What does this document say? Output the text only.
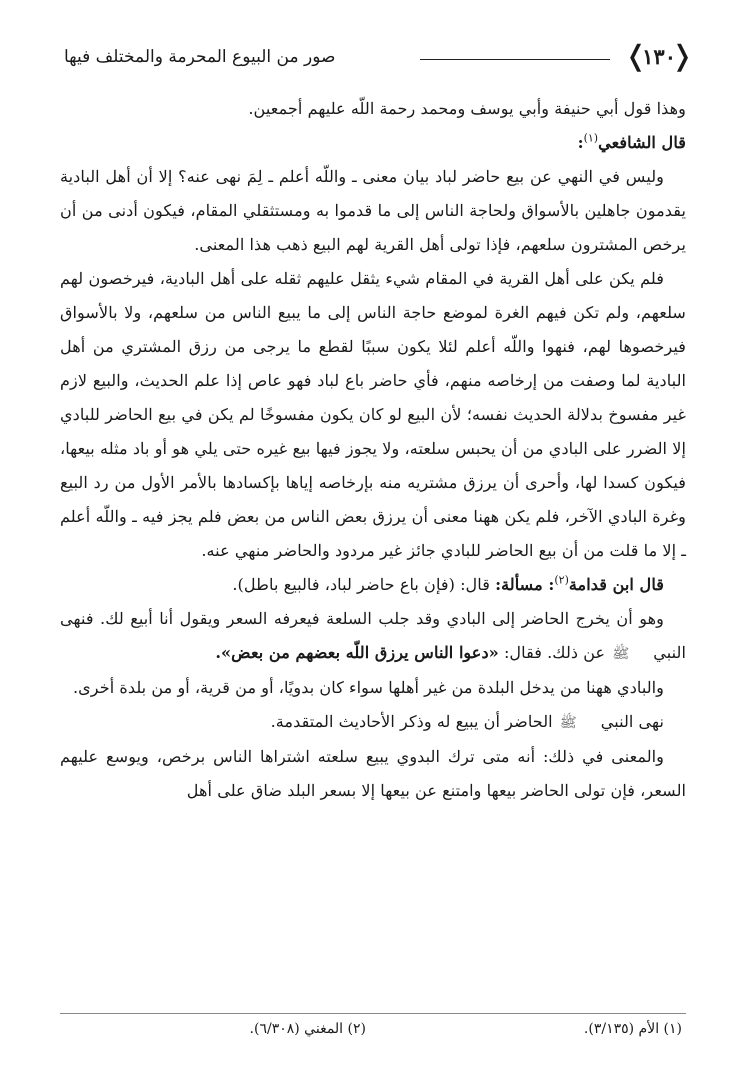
❬ ١٣٠ ❭
صور من البيوع المحرمة والمختلف فيها

وهذا قول أبي حنيفة وأبي يوسف ومحمد رحمة اللّه عليهم أجمعين.

قال الشافعي$^{(١)}$:

وليس في النهي عن بيع حاضر لباد بيان معنى ـ واللّه أعلم ـ لِمَ نهى عنه؟ إلا أن أهل البادية يقدمون جاهلين بالأسواق ولحاجة الناس إلى ما قدموا به ومستثقلي المقام، فيكون أدنى من أن يرخص المشترون سلعهم، فإذا تولى أهل القرية لهم البيع ذهب هذا المعنى.

فلم يكن على أهل القرية في المقام شيء يثقل عليهم ثقله على أهل البادية، فيرخصون لهم سلعهم، ولم تكن فيهم الغرة لموضع حاجة الناس إلى ما يبيع الناس من سلعهم، ولا بالأسواق فيرخصوها لهم، فنهوا واللّه أعلم لئلا يكون سببًا لقطع ما يرجى من رزق المشتري من أهل البادية لما وصفت من إرخاصه منهم، فأي حاضر باع لباد فهو عاص إذا علم الحديث، والبيع لازم غير مفسوخ بدلالة الحديث نفسه؛ لأن البيع لو كان يكون مفسوخًا لم يكن في بيع الحاضر للبادي إلا الضرر على البادي من أن يحبس سلعته، ولا يجوز فيها بيع غيره حتى يلي هو أو باد مثله بيعها، فيكون كسدا لها، وأحرى أن يرزق مشتريه منه بإرخاصه إياها بإكسادها بالأمر الأول من رد البيع وغرة البادي الآخر، فلم يكن ههنا معنى أن يرزق بعض الناس من بعض فلم يجز فيه ـ واللّه أعلم ـ إلا ما قلت من أن بيع الحاضر للبادي جائز غير مردود والحاضر منهي عنه.

قال ابن قدامة$^{(٢)}$: مسألة: قال: (فإن باع حاضر لباد، فالبيع باطل).

وهو أن يخرج الحاضر إلى البادي وقد جلب السلعة فيعرفه السعر ويقول أنا أبيع لك. فنهى النبيﷺ عن ذلك. فقال: «دعوا الناس يرزق اللّه بعضهم من بعض».

والبادي ههنا من يدخل البلدة من غير أهلها سواء كان بدويًا، أو من قرية، أو من بلدة أخرى.

نهى النبيﷺ الحاضر أن يبيع له وذكر الأحاديث المتقدمة.

والمعنى في ذلك: أنه متى ترك البدوي يبيع سلعته اشتراها الناس برخص، ويوسع عليهم السعر، فإن تولى الحاضر بيعها وامتنع عن بيعها إلا بسعر البلد ضاق على أهل

(١) الأم (٣/١٣٥).
(٢) المغني (٦/٣٠٨).
